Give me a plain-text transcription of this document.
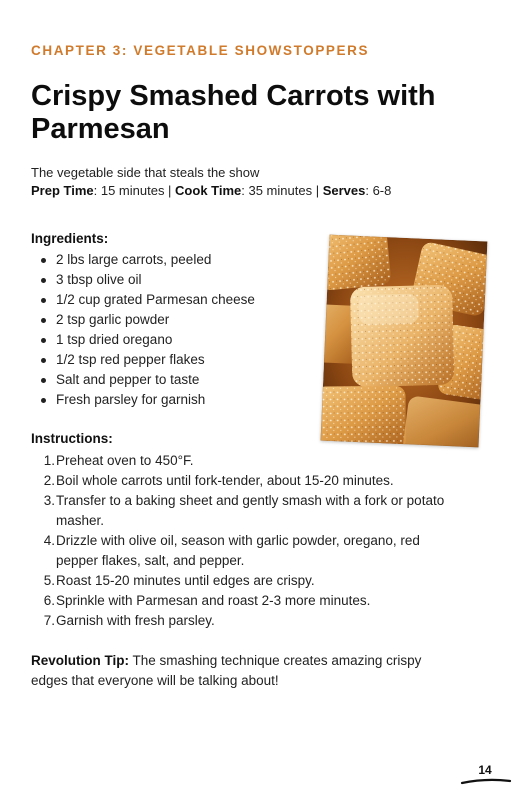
CHAPTER 3: VEGETABLE SHOWSTOPPERS
Crispy Smashed Carrots with Parmesan
The vegetable side that steals the show
Prep Time: 15 minutes | Cook Time: 35 minutes | Serves: 6-8
Ingredients:
2 lbs large carrots, peeled
3 tbsp olive oil
1/2 cup grated Parmesan cheese
2 tsp garlic powder
1 tsp dried oregano
1/2 tsp red pepper flakes
Salt and pepper to taste
Fresh parsley for garnish
Instructions:
1. Preheat oven to 450°F.
2. Boil whole carrots until fork-tender, about 15-20 minutes.
3. Transfer to a baking sheet and gently smash with a fork or potato masher.
4. Drizzle with olive oil, season with garlic powder, oregano, red pepper flakes, salt, and pepper.
5. Roast 15-20 minutes until edges are crispy.
6. Sprinkle with Parmesan and roast 2-3 more minutes.
7. Garnish with fresh parsley.
Revolution Tip: The smashing technique creates amazing crispy edges that everyone will be talking about!
14
